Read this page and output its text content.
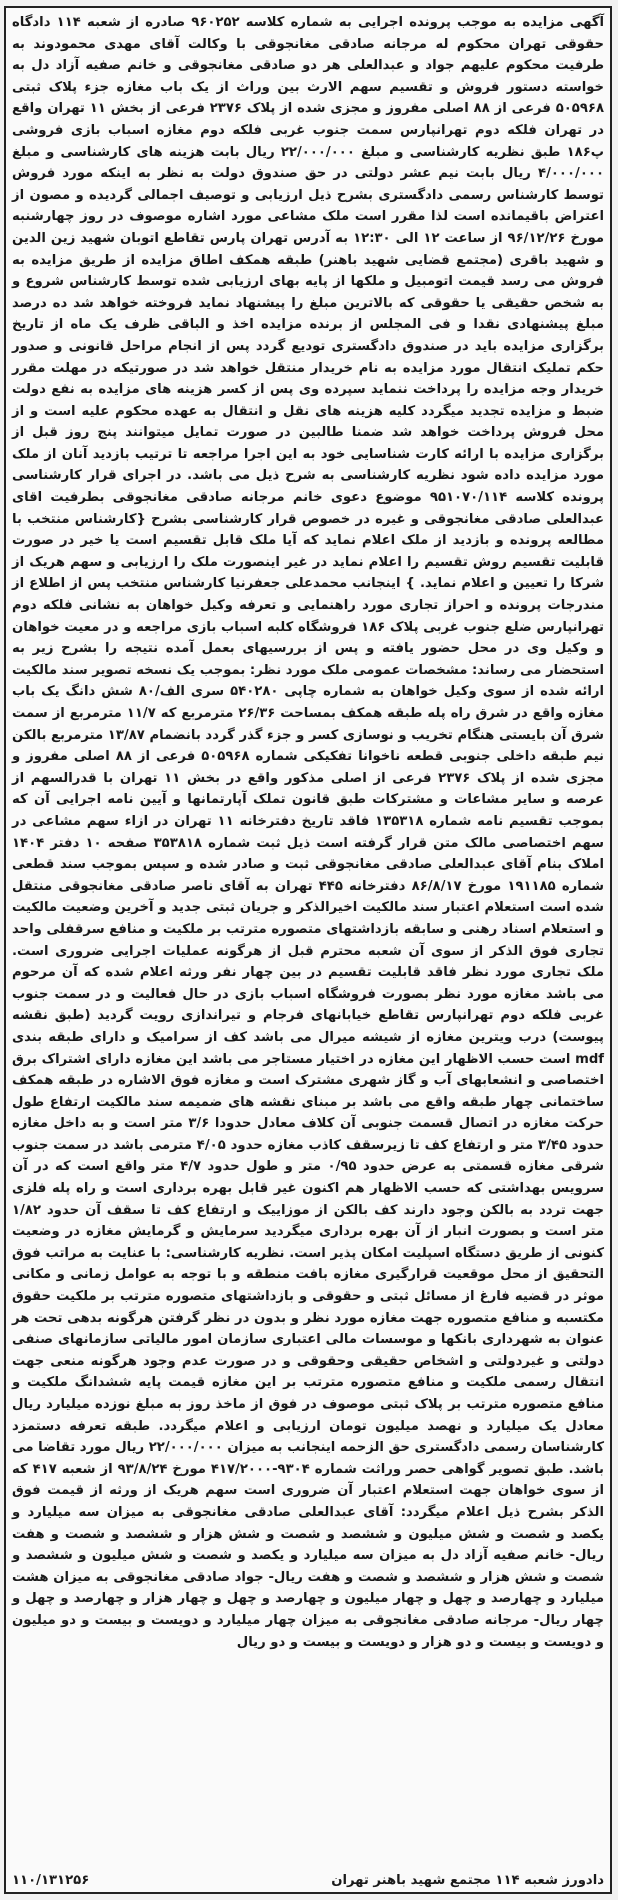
آگهی مزایده به موجب پرونده اجرایی به شماره کلاسه ۹۶۰۲۵۲ صادره از شعبه ۱۱۴ دادگاه حقوقی تهران محکوم له مرجانه صادقی مغانجوقی با وکالت آقای مهدی محمودوند به طرفیت محکوم علیهم جواد و عبدالعلی هر دو صادقی مغانجوقی و خانم صفیه آزاد دل به خواسته دستور فروش و تقسیم سهم الارث بین وراث از یک باب مغازه جزء پلاک ثبتی ۵۰۵۹۶۸ فرعی از ۸۸ اصلی مفروز و مجزی شده از پلاک ۲۳۷۶ فرعی از بخش ۱۱ تهران واقع در تهران فلکه دوم تهرانپارس سمت جنوب غربی فلکه دوم مغازه اسباب بازی فروشی پ۱۸۶ طبق نظریه کارشناسی و مبلغ ۲۲/۰۰۰/۰۰۰ ریال بابت هزینه های کارشناسی و مبلغ ۴/۰۰۰/۰۰۰ ریال بابت نیم عشر دولتی در حق صندوق دولت به نظر به اینکه مورد فروش توسط کارشناس رسمی دادگستری بشرح ذیل ارزیابی و توصیف اجمالی گردیده و مصون از اعتراض باقیمانده است لذا مقرر است ملک مشاعی مورد اشاره موصوف در روز چهارشنبه مورخ ۹۶/۱۲/۲۶ از ساعت ۱۲ الی ۱۲:۳۰ به آدرس تهران پارس تقاطع اتوبان شهید زین الدین و شهید باقری (مجتمع قضایی شهید باهنر) طبقه همکف اطاق مزایده از طریق مزایده به فروش می رسد قیمت اتومبیل و ملکها از پایه بهای ارزیابی شده توسط کارشناس شروع و به شخص حقیقی یا حقوقی که بالاترین مبلغ را پیشنهاد نماید فروخته خواهد شد ده درصد مبلغ پیشنهادی نقدا و فی المجلس از برنده مزایده اخذ و الباقی ظرف یک ماه از تاریخ برگزاری مزایده باید در صندوق دادگستری تودیع گردد پس از انجام مراحل قانونی و صدور حکم تملیک انتقال مورد مزایده به نام خریدار منتقل خواهد شد در صورتیکه در مهلت مقرر خریدار وجه مزایده را پرداخت ننماید سپرده وی پس از کسر هزینه های مزایده به نفع دولت ضبط و مزایده تجدید میگردد کلیه هزینه های نقل و انتقال به عهده محکوم علیه است و از محل فروش پرداخت خواهد شد ضمنا طالبین در صورت تمایل میتوانند پنج روز قبل از برگزاری مزایده با ارائه کارت شناسایی خود به این اجرا مراجعه تا ترتیب بازدید آنان از ملک مورد مزایده داده شود نظریه کارشناسی به شرح ذیل می باشد. در اجرای قرار کارشناسی پرونده کلاسه ۹۵۱۰۷۰/۱۱۴ موضوع دعوی خانم مرجانه صادقی مغانجوقی بطرفیت اقای عبدالعلی صادقی مغانجوقی و غیره در خصوص قرار کارشناسی بشرح {کارشناس منتخب با مطالعه پرونده و بازدید از ملک اعلام نماید که آیا ملک قابل تقسیم است یا خیر در صورت قابلیت تقسیم روش تقسیم را اعلام نماید در غیر اینصورت ملک را ارزیابی و سهم هریک از شرکا را تعیین و اعلام نماید. } اینجانب محمدعلی جعفرنیا کارشناس منتخب پس از اطلاع از مندرجات پرونده و احراز تجاری مورد راهنمایی و تعرفه وکیل خواهان به نشانی فلکه دوم تهرانپارس ضلع جنوب غربی پلاک ۱۸۶ فروشگاه کلبه اسباب بازی مراجعه و در معیت خواهان و وکیل وی در محل حضور یافته و پس از بررسیهای بعمل آمده نتیجه را بشرح زیر به استحضار می رساند: مشخصات عمومی ملک مورد نظر: بموجب یک نسخه تصویر سند مالکیت ارائه شده از سوی وکیل خواهان به شماره چاپی ۵۴۰۲۸۰ سری الف/۸۰ شش دانگ یک باب مغازه واقع در شرق راه پله طبقه همکف بمساحت ۲۶/۳۶ مترمربع که ۱۱/۷ مترمربع از سمت شرق آن بایستی هنگام تخریب و نوسازی کسر و جزء گذر گردد بانضمام ۱۳/۸۷ مترمربع بالکن نیم طبقه داخلی جنوبی قطعه ناخوانا تفکیکی شماره ۵۰۵۹۶۸ فرعی از ۸۸ اصلی مفروز و مجزی شده از پلاک ۲۳۷۶ فرعی از اصلی مذکور واقع در بخش ۱۱ تهران با قدرالسهم از عرصه و سایر مشاعات و مشترکات طبق قانون تملک آپارتمانها و آیین نامه اجرایی آن که بموجب تقسیم نامه شماره ۱۳۵۳۱۸ فاقد تاریخ دفترخانه ۱۱ تهران در ازاء سهم مشاعی در سهم اختصاصی مالک متن قرار گرفته است ذیل ثبت شماره ۳۵۳۸۱۸ صفحه ۱۰ دفتر ۱۴۰۴ املاک بنام آقای عبدالعلی صادقی مغانجوقی ثبت و صادر شده و سپس بموجب سند قطعی شماره ۱۹۱۱۸۵ مورخ ۸۶/۸/۱۷ دفترخانه ۴۴۵ تهران به آقای ناصر صادقی مغانجوقی منتقل شده است استعلام اعتبار سند مالکیت اخیرالذکر و جریان ثبتی جدید و آخرین وضعیت مالکیت و استعلام اسناد رهنی و سابقه بازداشتهای متصوره مترتب بر ملکیت و منافع سرقفلی واحد تجاری فوق الذکر از سوی آن شعبه محترم قبل از هرگونه عملیات اجرایی ضروری است. ملک تجاری مورد نظر فاقد قابلیت تقسیم در بین چهار نفر ورثه اعلام شده که آن مرحوم می باشد مغازه مورد نظر بصورت فروشگاه اسباب بازی در حال فعالیت و در سمت جنوب غربی فلکه دوم تهرانپارس تقاطع خیابانهای فرجام و تیراندازی رویت گردید (طبق نقشه پیوست) درب ویترین مغازه از شیشه میرال می باشد کف از سرامیک و دارای طبقه بندی mdf است حسب الاظهار این مغازه در اختیار مستاجر می باشد این مغازه دارای اشتراک برق اختصاصی و انشعابهای آب و گاز شهری مشترک است و مغازه فوق الاشاره در طبقه همکف ساختمانی چهار طبقه واقع می باشد بر مبنای نقشه های ضمیمه سند مالکیت ارتفاع طول حرکت مغازه در اتصال قسمت جنوبی آن کلاف معادل حدودا ۳/۶ متر است و به داخل مغازه حدود ۳/۴۵ متر و ارتفاع کف تا زیرسقف کاذب مغازه حدود ۴/۰۵ مترمی باشد در سمت جنوب شرقی مغازه قسمتی به عرض حدود ۰/۹۵ متر و طول حدود ۴/۷ متر واقع است که در آن سرویس بهداشتی که حسب الاظهار هم اکنون غیر قابل بهره برداری است و راه پله فلزی جهت تردد به بالکن وجود دارند کف بالکن از موزاییک و ارتفاع کف تا سقف آن حدود ۱/۸۲ متر است و بصورت انبار از آن بهره برداری میگردید سرمایش و گرمایش مغازه در وضعیت کنونی از طریق دستگاه اسپلیت امکان پذیر است. نظریه کارشناسی: با عنایت به مراتب فوق التحقیق از محل موقعیت قرارگیری مغازه بافت منطقه و با توجه به عوامل زمانی و مکانی موثر در قضیه فارغ از مسائل ثبتی و حقوقی و بازداشتهای متصوره مترتب بر ملکیت حقوق مکتسبه و منافع متصوره جهت مغازه مورد نظر و بدون در نظر گرفتن هرگونه بدهی تحت هر عنوان به شهرداری بانکها و موسسات مالی اعتباری سازمان امور مالیاتی سازمانهای صنفی دولتی و غیردولتی و اشخاص حقیقی وحقوقی و در صورت عدم وجود هرگونه منعی جهت انتقال رسمی ملکیت و منافع متصوره مترتب بر این مغازه قیمت پایه ششدانگ ملکیت و منافع متصوره مترتب بر پلاک ثبتی موصوف در فوق از ماخذ روز به مبلغ نوزده میلیارد ریال معادل یک میلیارد و نهصد میلیون تومان ارزیابی و اعلام میگردد. طبقه تعرفه دستمزد کارشناسان رسمی دادگستری حق الزحمه اینجانب به میزان ۲۲/۰۰۰/۰۰۰ ریال مورد تقاضا می باشد. طبق تصویر گواهی حصر وراثت شماره ۹۳۰۴-۴۱۷/۲۰۰۰ مورخ ۹۳/۸/۲۴ از شعبه ۴۱۷ که از سوی خواهان جهت استعلام اعتبار آن ضروری است سهم هریک از ورثه از قیمت فوق الذکر بشرح ذیل اعلام میگردد: آقای عبدالعلی صادقی مغانجوقی به میزان سه میلیارد و یکصد و شصت و شش میلیون و ششصد و شصت و شش هزار و ششصد و شصت و هفت ریال- خانم صفیه آزاد دل به میزان سه میلیارد و یکصد و شصت و شش میلیون و ششصد و شصت و شش هزار و ششصد و شصت و هفت ریال- جواد صادقی مغانجوقی به میزان هشت میلیارد و چهارصد و چهل و چهار میلیون و چهارصد و چهل و چهار هزار و چهارصد و چهل و چهار ریال- مرجانه صادقی مغانجوقی به میزان چهار میلیارد و دویست و بیست و دو میلیون و دویست و بیست و دو هزار و دویست و بیست و دو ریال

دادورز شعبه ۱۱۴ مجتمع شهید باهنر تهران
۱۱۰/۱۳۱۲۵۶
